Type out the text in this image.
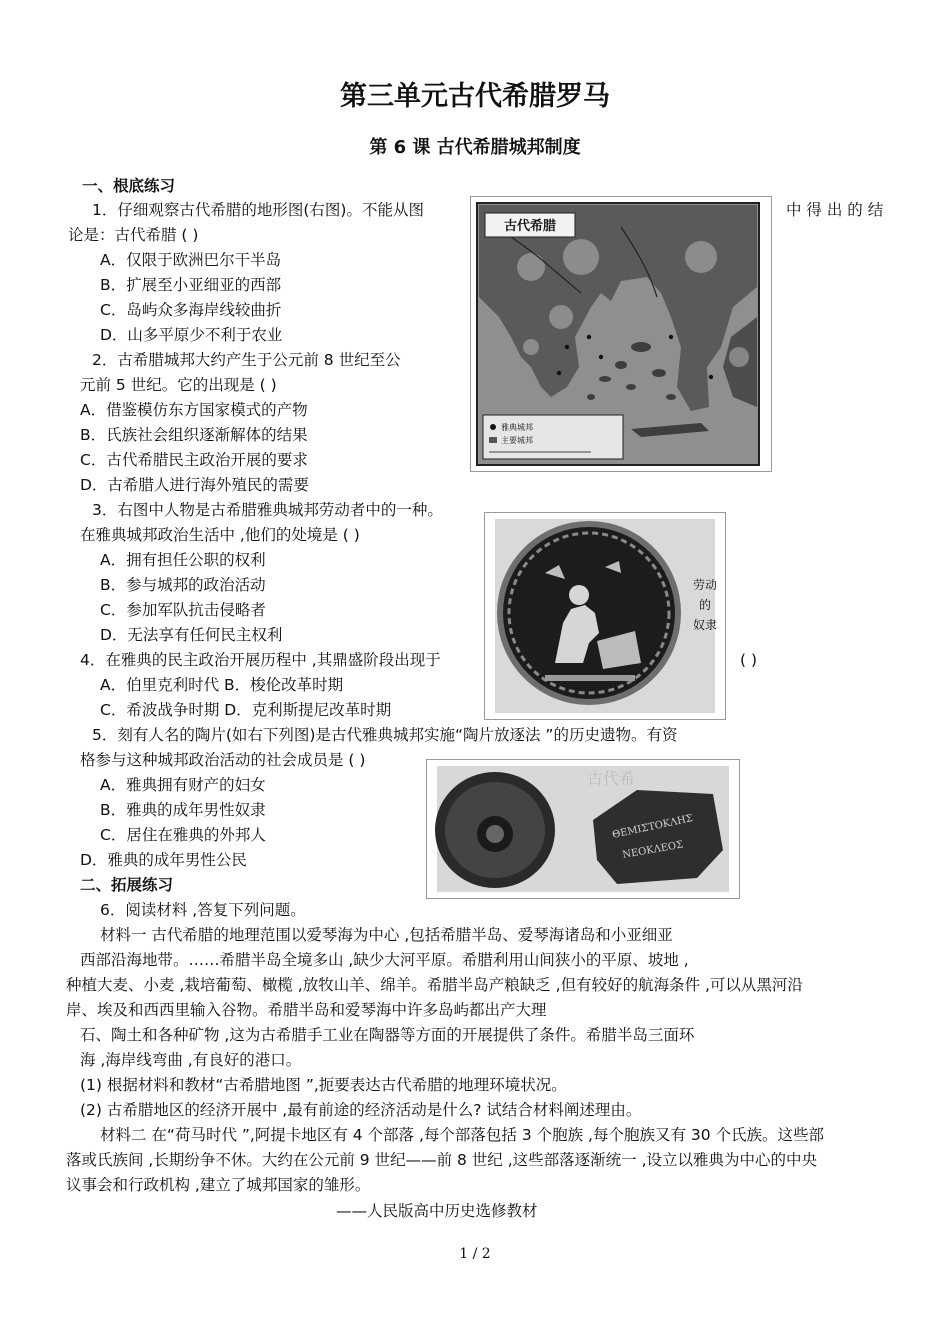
第三单元古代希腊罗马
第 6 课 古代希腊城邦制度
一、根底练习
1．仔细观察古代希腊的地形图(右图)。不能从图	中 得 出 的 结
论是：古代希腊 ( )
A．仅限于欧洲巴尔干半岛
B．扩展至小亚细亚的西部
C．岛屿众多海岸线较曲折
D．山多平原少不利于农业
2．古希腊城邦大约产生于公元前 8 世纪至公
元前 5 世纪。它的出现是 ( )
A．借鉴模仿东方国家模式的产物
B．氏族社会组织逐渐解体的结果
C．古代希腊民主政治开展的要求
D．古希腊人进行海外殖民的需要
3．右图中人物是古希腊雅典城邦劳动者中的一种。
在雅典城邦政治生活中 ,他们的处境是 ( )
A．拥有担任公职的权利
B．参与城邦的政治活动
C．参加军队抗击侵略者
D．无法享有任何民主权利
4．在雅典的民主政治开展历程中 ,其鼎盛阶段出现于	( )
A．伯里克利时代 B．梭伦改革时期
C．希波战争时期 D．克利斯提尼改革时期
5．刻有人名的陶片(如右下列图)是古代雅典城邦实施“陶片放逐法 ”的历史遗物。有资
格参与这种城邦政治活动的社会成员是 ( )
A．雅典拥有财产的妇女
B．雅典的成年男性奴隶
C．居住在雅典的外邦人
D．雅典的成年男性公民
二、拓展练习
6．阅读材料 ,答复下列问题。
材料一 古代希腊的地理范围以爱琴海为中心 ,包括希腊半岛、爱琴海诸岛和小亚细亚
西部沿海地带。……希腊半岛全境多山 ,缺少大河平原。希腊利用山间狭小的平原、坡地 ,
种植大麦、小麦 ,栽培葡萄、橄榄 ,放牧山羊、绵羊。希腊半岛产粮缺乏 ,但有较好的航海条件 ,可以从黑河沿
岸、埃及和西西里输入谷物。希腊半岛和爱琴海中许多岛屿都出产大理
石、陶土和各种矿物 ,这为古希腊手工业在陶器等方面的开展提供了条件。希腊半岛三面环
海 ,海岸线弯曲 ,有良好的港口。
(1) 根据材料和教材“古希腊地图 ”,扼要表达古代希腊的地理环境状况。
(2) 古希腊地区的经济开展中 ,最有前途的经济活动是什么? 试结合材料阐述理由。
材料二 在“荷马时代 ”,阿提卡地区有 4 个部落 ,每个部落包括 3 个胞族 ,每个胞族又有 30 个氏族。这些部
落或氏族间 ,长期纷争不休。大约在公元前 9 世纪——前 8 世纪 ,这些部落逐渐统一 ,设立以雅典为中心的中央
议事会和行政机构 ,建立了城邦国家的雏形。
——人民版高中历史选修教材
古代希腊
雅典城邦
主要城邦
劳动 的 奴隶
古代希
ΘEMIΣTOKΛHΣ
NEOKΛEOΣ
1 / 2
